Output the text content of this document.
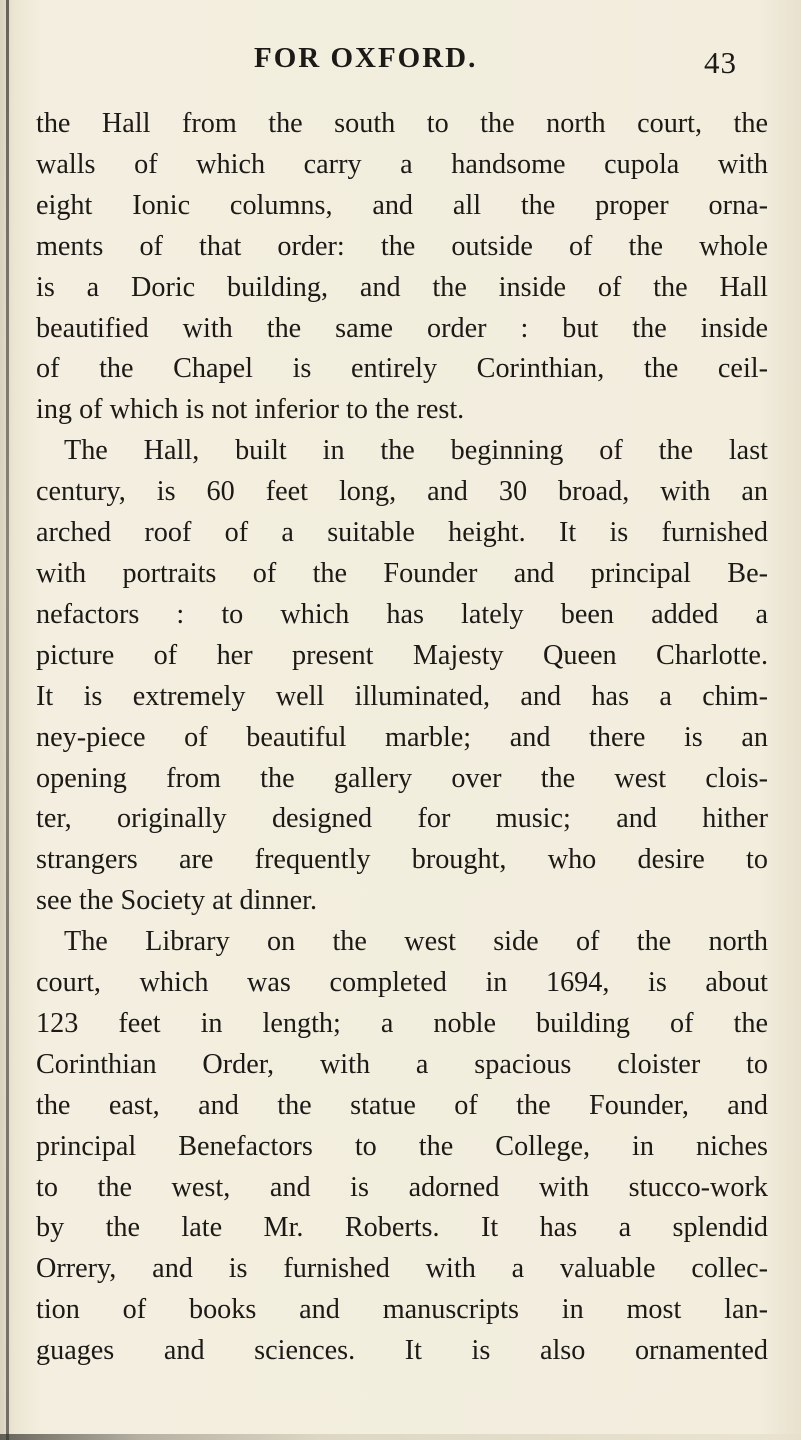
FOR OXFORD.	43
the Hall from the south to the north court, the
walls of which carry a handsome cupola with
eight Ionic columns, and all the proper orna-
ments of that order: the outside of the whole
is a Doric building, and the inside of the Hall
beautified with the same order : but the inside
of the Chapel is entirely Corinthian, the ceil-
ing of which is not inferior to the rest.
The Hall, built in the beginning of the last
century, is 60 feet long, and 30 broad, with an
arched roof of a suitable height. It is furnished
with portraits of the Founder and principal Be-
nefactors : to which has lately been added a
picture of her present Majesty Queen Charlotte.
It is extremely well illuminated, and has a chim-
ney-piece of beautiful marble; and there is an
opening from the gallery over the west clois-
ter, originally designed for music; and hither
strangers are frequently brought, who desire to
see the Society at dinner.
The Library on the west side of the north
court, which was completed in 1694, is about
123 feet in length; a noble building of the
Corinthian Order, with a spacious cloister to
the east, and the statue of the Founder, and
principal Benefactors to the College, in niches
to the west, and is adorned with stucco-work
by the late Mr. Roberts. It has a splendid
Orrery, and is furnished with a valuable collec-
tion of books and manuscripts in most lan-
guages and sciences. It is also ornamented
